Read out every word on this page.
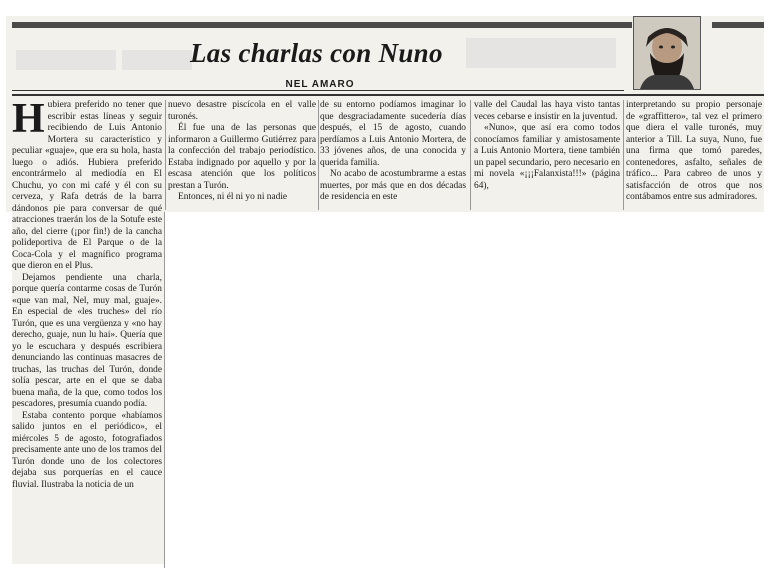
Las charlas con Nuno
NEL AMARO
H ubiera preferido no tener que escribir estas líneas y seguir recibiendo de Luis Antonio Mortera su característico y peculiar «guaje», que era su hola, hasta luego o adiós. Hubiera preferido encontrármelo al mediodía en El Chuchu, yo con mi café y él con su cerveza, y Rafa detrás de la barra dándonos pie para conversar de qué atracciones traerán los de la Sotufe este año, del cierre (¡por fin!) de la cancha polideportiva de El Parque o de la Coca-Cola y el magnífico programa que dieron en el Plus.

Dejamos pendiente una charla, porque quería contarme cosas de Turón «que van mal, Nel, muy mal, guaje». En especial de «les truches» del río Turón, que es una vergüenza y «no hay derecho, guaje, nun lu hai». Quería que yo le escuchara y después escribiera denunciando las continuas masacres de truchas, las truchas del Turón, donde solía pescar, arte en el que se daba buena maña, de la que, como todos los pescadores, presumía cuando podía.

Estaba contento porque «habíamos salido juntos en el periódico», el miércoles 5 de agosto, fotografiados precisamente ante uno de los tramos del Turón donde uno de los colectores dejaba sus porquerías en el cauce fluvial. Ilustraba la noticia de un

nuevo desastre piscícola en el valle turonés.

Él fue una de las personas que informaron a Guillermo Gutiérrez para la confección del trabajo periodístico. Estaba indignado por aquello y por la escasa atención que los políticos prestan a Turón.

Entonces, ni él ni yo ni nadie

de su entorno podíamos imaginar lo que desgraciadamente sucedería días después, el 15 de agosto, cuando perdíamos a Luis Antonio Mortera, de 33 jóvenes años, de una conocida y querida familia.

No acabo de acostumbrarme a estas muertes, por más que en dos décadas de residencia en este

valle del Caudal las haya visto tantas veces cebarse e insistir en la juventud.

«Nuno», que así era como todos conocíamos familiar y amistosamente a Luis Antonio Mortera, tiene también un papel secundario, pero necesario en mi novela «¡¡¡Falanxista!!!» (página 64),

interpretando su propio personaje de «graffittero», tal vez el primero que diera el valle turonés, muy anterior a Till. La suya, Nuno, fue una firma que tomó paredes, contenedores, asfalto, señales de tráfico... Para cabreo de unos y satisfacción de otros que nos contábamos entre sus admiradores.
